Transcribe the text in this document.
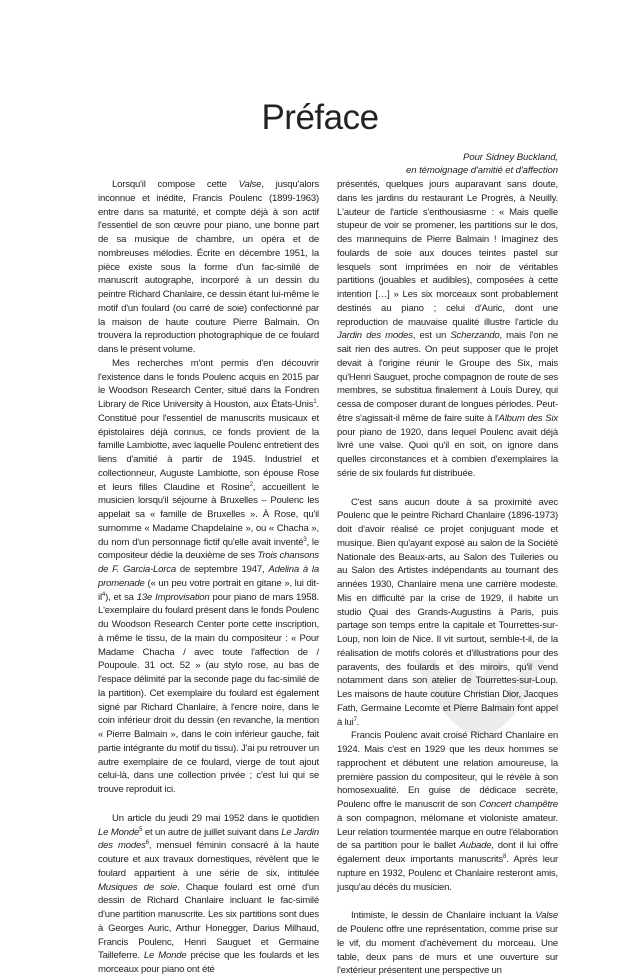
Préface
Pour Sidney Buckland,
en témoignage d'amitié et d'affection

Lorsqu'il compose cette Valse, jusqu'alors inconnue et inédite, Francis Poulenc (1899-1963) entre dans sa maturité, et compte déjà à son actif l'essentiel de son œuvre pour piano, une bonne part de sa musique de chambre, un opéra et de nombreuses mélodies. Écrite en décembre 1951, la pièce existe sous la forme d'un fac-similé de manuscrit autographe, incorporé à un dessin du peintre Richard Chanlaire, ce dessin étant lui-même le motif d'un foulard (ou carré de soie) confectionné par la maison de haute couture Pierre Balmain. On trouvera la reproduction photographique de ce foulard dans le présent volume.

Mes recherches m'ont permis d'en découvrir l'existence dans le fonds Poulenc acquis en 2015 par le Woodson Research Center, situé dans la Fondren Library de Rice University à Houston, aux États-Unis$^1$. Constitué pour l'essentiel de manuscrits musicaux et épistolaires déjà connus, ce fonds provient de la famille Lambiotte, avec laquelle Poulenc entretient des liens d'amitié à partir de 1945. Industriel et collectionneur, Auguste Lambiotte, son épouse Rose et leurs filles Claudine et Rosine$^2$, accueillent le musicien lorsqu'il séjourne à Bruxelles – Poulenc les appelait sa « famille de Bruxelles ». À Rose, qu'il surnomme « Madame Chapdelaine », ou « Chacha », du nom d'un personnage fictif qu'elle avait inventé$^3$, le compositeur dédie la deuxième de ses Trois chansons de F. Garcia-Lorca de septembre 1947, Adelina à la promenade (« un peu votre portrait en gitane », lui dit-$il^4$), et sa 13e Improvisation pour piano de mars 1958. L'exemplaire du foulard présent dans le fonds Poulenc du Woodson Research Center porte cette inscription, à même le tissu, de la main du compositeur : « Pour Madame Chacha / avec toute l'affection de / Poupoule. 31 oct. 52 » (au stylo rose, au bas de l'espace délimité par la seconde page du fac-similé de la partition). Cet exemplaire du foulard est également signé par Richard Chanlaire, à l'encre noire, dans le coin inférieur droit du dessin (en revanche, la mention « Pierre Balmain », dans le coin inférieur gauche, fait partie intégrante du motif du tissu). J'ai pu retrouver un autre exemplaire de ce foulard, vierge de tout ajout celui-là, dans une collection privée ; c'est lui qui se trouve reproduit ici.

Un article du jeudi 29 mai 1952 dans le quotidien Le Monde$^5$ et un autre de juillet suivant dans Le Jardin des modes$^6$, mensuel féminin consacré à la haute couture et aux travaux domestiques, révèlent que le foulard appartient à une série de six, intitulée Musiques de soie. Chaque foulard est orné d'un dessin de Richard Chanlaire incluant le fac-similé d'une partition manuscrite. Les six partitions sont dues à Georges Auric, Arthur Honegger, Darius Milhaud, Francis Poulenc, Henri Sauguet et Germaine Tailleferre. Le Monde précise que les foulards et les morceaux pour piano ont été

présentés, quelques jours auparavant sans doute, dans les jardins du restaurant Le Progrès, à Neuilly. L'auteur de l'article s'enthousiasme : « Mais quelle stupeur de voir se promener, les partitions sur le dos, des mannequins de Pierre Balmain ! Imaginez des foulards de soie aux douces teintes pastel sur lesquels sont imprimées en noir de véritables partitions (jouables et audibles), composées à cette intention […] » Les six morceaux sont probablement destinés au piano ; celui d'Auric, dont une reproduction de mauvaise qualité illustre l'article du Jardin des modes, est un Scherzando, mais l'on ne sait rien des autres. On peut supposer que le projet devait à l'origine réunir le Groupe des Six, mais qu'Henri Sauguet, proche compagnon de route de ses membres, se substitua finalement à Louis Durey, qui cessa de composer durant de longues périodes. Peut-être s'agissait-il même de faire suite à l'Album des Six pour piano de 1920, dans lequel Poulenc avait déjà livré une valse. Quoi qu'il en soit, on ignore dans quelles circonstances et à combien d'exemplaires la série de six foulards fut distribuée.

C'est sans aucun doute à sa proximité avec Poulenc que le peintre Richard Chanlaire (1896-1973) doit d'avoir réalisé ce projet conjuguant mode et musique. Bien qu'ayant exposé au salon de la Société Nationale des Beaux-arts, au Salon des Tuileries ou au Salon des Artistes indépendants au tournant des années 1930, Chanlaire mena une carrière modeste. Mis en difficulté par la crise de 1929, il habite un studio Quai des Grands-Augustins à Paris, puis partage son temps entre la capitale et Tourrettes-sur-Loup, non loin de Nice. Il vit surtout, semble-t-il, de la réalisation de motifs colorés et d'illustrations pour des paravents, des foulards et des miroirs, qu'il vend notamment dans son atelier de Tourrettes-sur-Loup. Les maisons de haute couture Christian Dior, Jacques Fath, Germaine Lecomte et Pierre Balmain font appel à lui$^7$.

Francis Poulenc avait croisé Richard Chanlaire en 1924. Mais c'est en 1929 que les deux hommes se rapprochent et débutent une relation amoureuse, la première passion du compositeur, qui le révèle à son homosexualité. En guise de dédicace secrète, Poulenc offre le manuscrit de son Concert champêtre à son compagnon, mélomane et violoniste amateur. Leur relation tourmentée marque en outre l'élaboration de sa partition pour le ballet Aubade, dont il lui offre également deux importants manuscrits$^8$. Après leur rupture en 1932, Poulenc et Chanlaire resteront amis, jusqu'au décès du musicien.

Intimiste, le dessin de Chanlaire incluant la Valse de Poulenc offre une représentation, comme prise sur le vif, du moment d'achèvement du morceau. Une table, deux pans de murs et une ouverture sur l'extérieur présentent une perspective un
